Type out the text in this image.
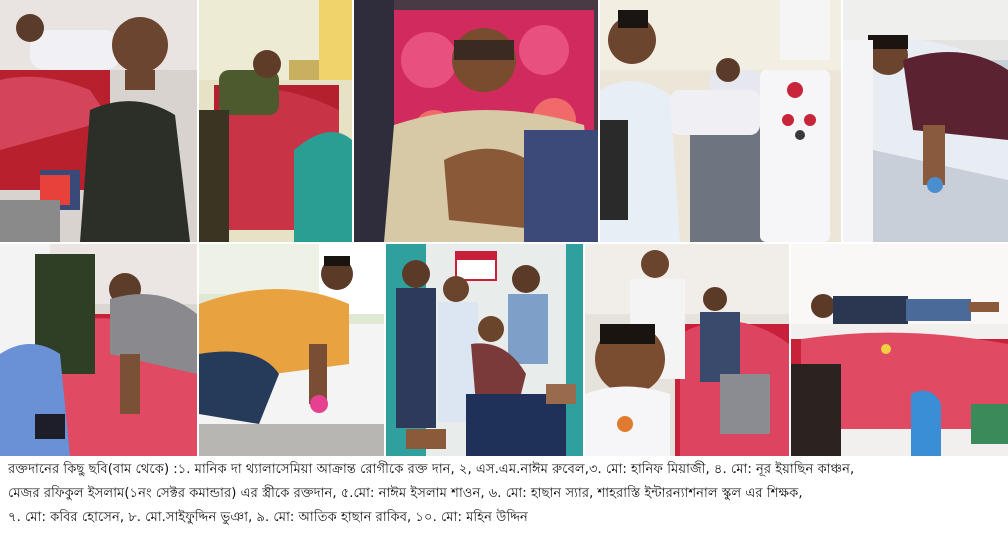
রক্তদানের কিছু ছবি(বাম থেকে) :১. মানিক দা থ্যালাসেমিয়া আক্রান্ত রোগীকে রক্ত দান, ২, এস.এম.নাঈম রুবেল,৩. মো: হানিফ মিয়াজী, ৪. মো: নূর ইয়াছিন কাঞ্চন,
মেজর রফিকুল ইসলাম(১নং সেক্টর কমান্ডার) এর স্ত্রীকে রক্তদান, ৫.মো: নাঈম ইসলাম শাওন, ৬. মো: হাছান স্যার, শাহরাস্তি ইন্টারন্যাশনাল স্কুল এর শিক্ষক,
৭. মো: কবির হোসেন, ৮. মো.সাইফুদ্দিন ভুঞা, ৯. মো: আতিক হাছান রাকিব, ১০. মো: মহিন উদ্দিন
